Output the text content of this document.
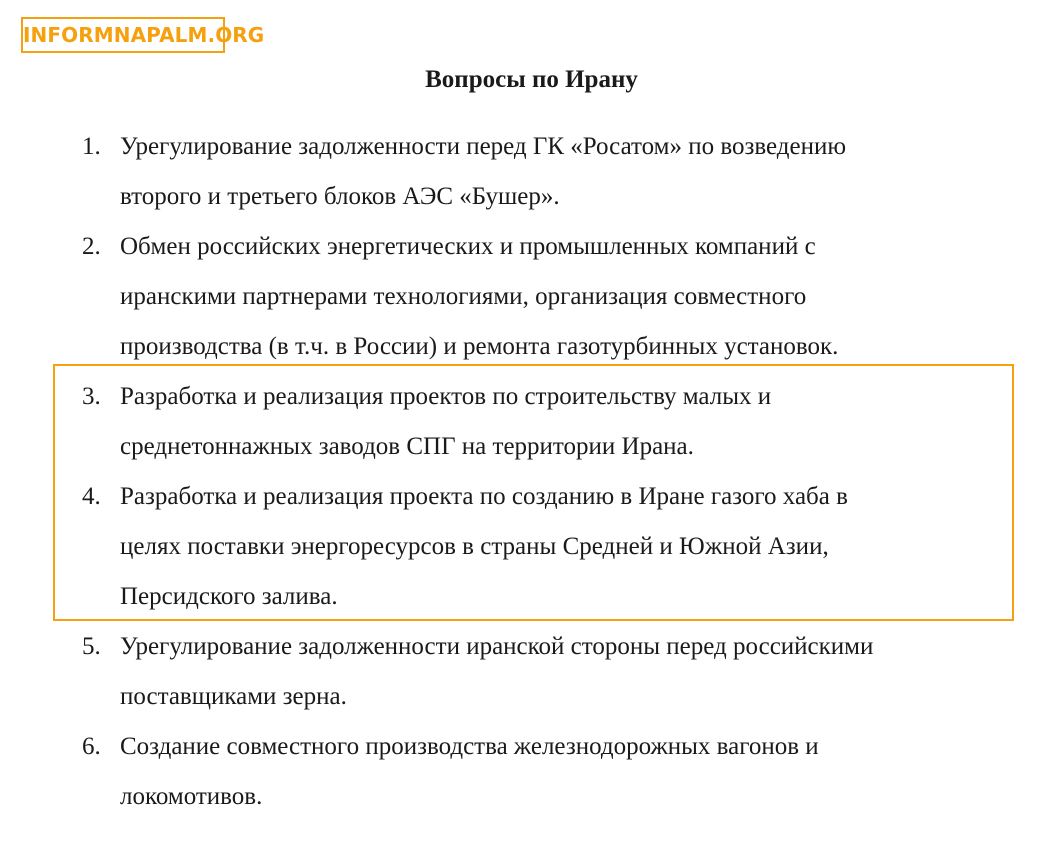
INFORMNAPALM.ORG
Вопросы по Ирану
1. Урегулирование задолженности перед ГК «Росатом» по возведению
второго и третьего блоков АЭС «Бушер».
2. Обмен российских энергетических и промышленных компаний с
иранскими партнерами технологиями, организация совместного
производства (в т.ч. в России) и ремонта газотурбинных установок.
3. Разработка и реализация проектов по строительству малых и
среднетоннажных заводов СПГ на территории Ирана.
4. Разработка и реализация проекта по созданию в Иране газого хаба в
целях поставки энергоресурсов в страны Средней и Южной Азии,
Персидского залива.
5. Урегулирование задолженности иранской стороны перед российскими
поставщиками зерна.
6. Создание совместного производства железнодорожных вагонов и
локомотивов.
